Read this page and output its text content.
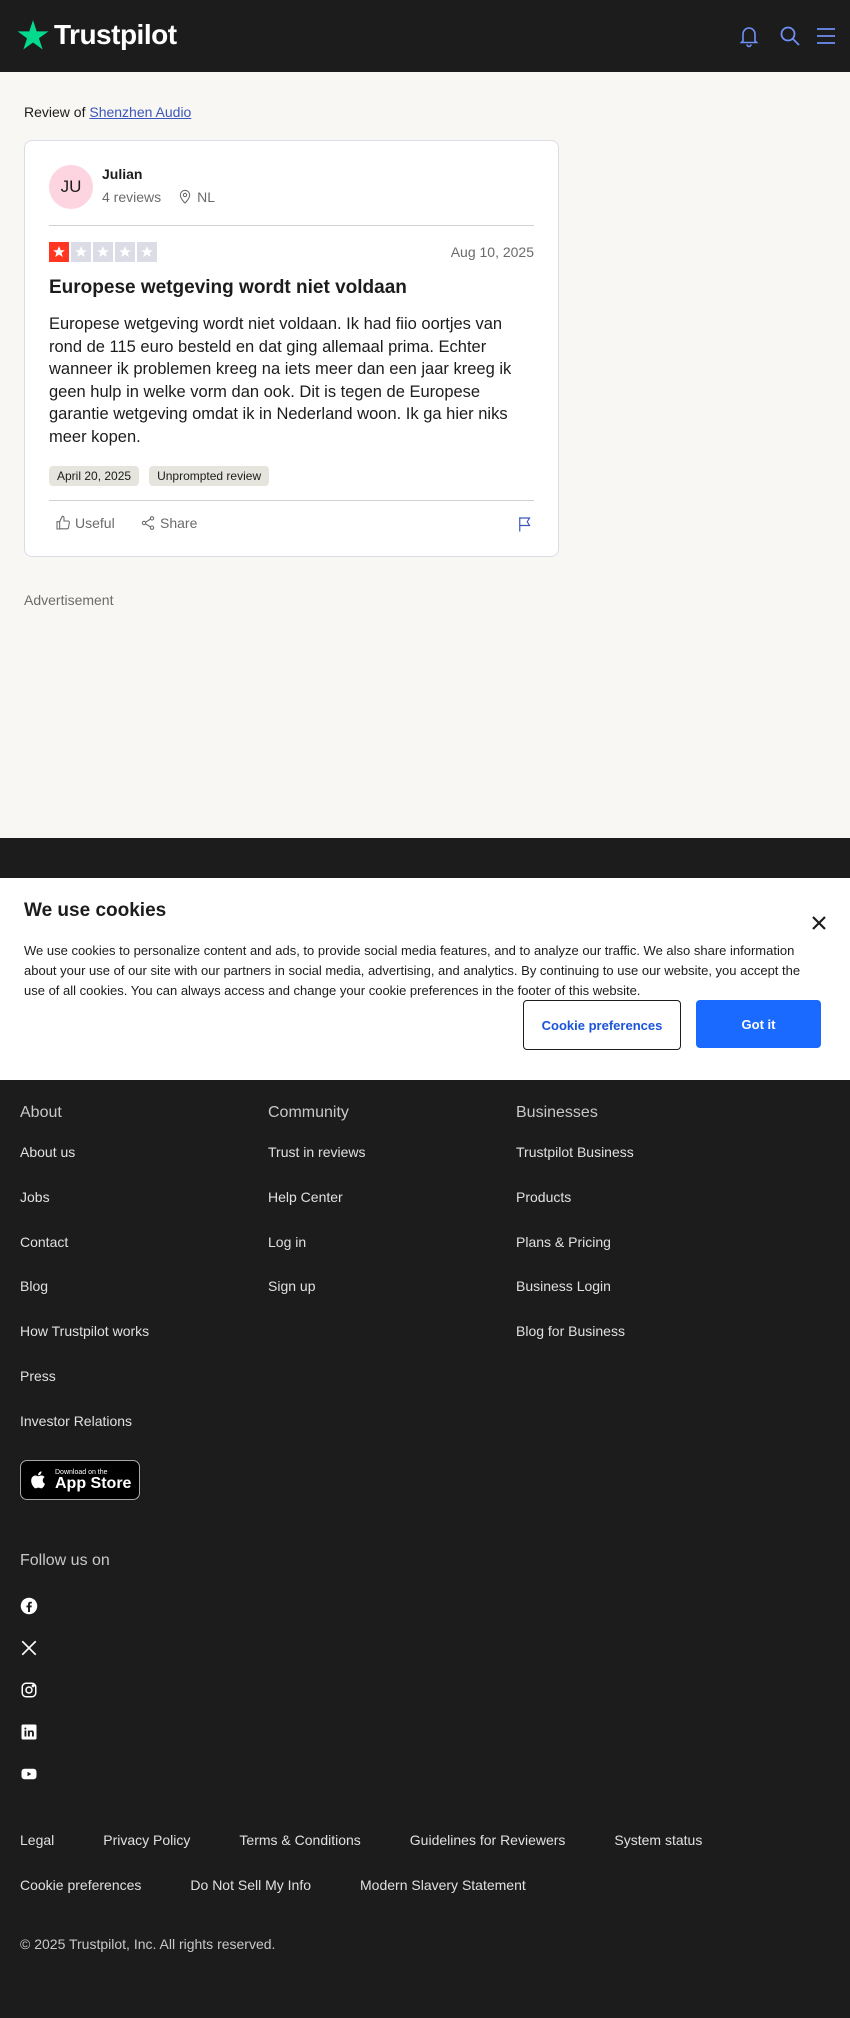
Trustpilot
Review of Shenzhen Audio
JU
Julian
4 reviews	NL
Aug 10, 2025
Europese wetgeving wordt niet voldaan
Europese wetgeving wordt niet voldaan. Ik had fiio oortjes van rond de 115 euro besteld en dat ging allemaal prima. Echter wanneer ik problemen kreeg na iets meer dan een jaar kreeg ik geen hulp in welke vorm dan ook. Dit is tegen de Europese garantie wetgeving omdat ik in Nederland woon. Ik ga hier niks meer kopen.
April 20, 2025	Unprompted review
Useful	Share
Advertisement
We use cookies
We use cookies to personalize content and ads, to provide social media features, and to analyze our traffic. We also share information about your use of our site with our partners in social media, advertising, and analytics. By continuing to use our website, you accept the use of all cookies. You can always access and change your cookie preferences in the footer of this website.
Cookie preferences	Got it
About
About us
Jobs
Contact
Blog
How Trustpilot works
Press
Investor Relations
Community
Trust in reviews
Help Center
Log in
Sign up
Businesses
Trustpilot Business
Products
Plans & Pricing
Business Login
Blog for Business
Download on the
App Store
Follow us on
Legal	Privacy Policy	Terms & Conditions	Guidelines for Reviewers	System status
Cookie preferences	Do Not Sell My Info	Modern Slavery Statement
© 2025 Trustpilot, Inc. All rights reserved.
